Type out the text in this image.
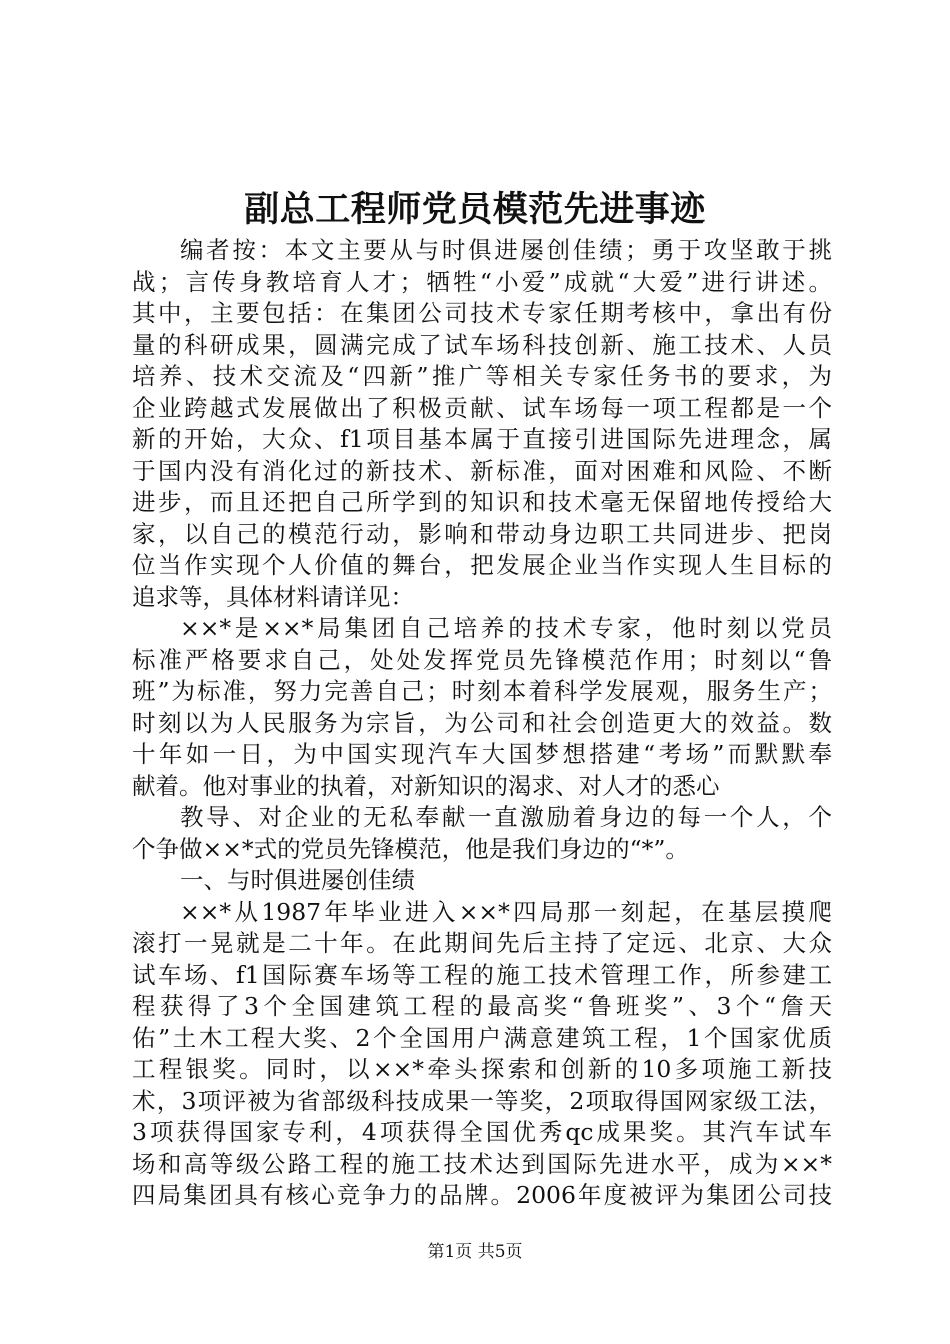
副总工程师党员模范先进事迹
编者按：本文主要从与时俱进屡创佳绩；勇于攻坚敢于挑
战；言传身教培育人才；牺牲“小爱”成就“大爱”进行讲述。
其中，主要包括：在集团公司技术专家任期考核中，拿出有份
量的科研成果，圆满完成了试车场科技创新、施工技术、人员
培养、技术交流及“四新”推广等相关专家任务书的要求，为
企业跨越式发展做出了积极贡献、试车场每一项工程都是一个
新的开始，大众、f1项目基本属于直接引进国际先进理念，属
于国内没有消化过的新技术、新标准，面对困难和风险、不断
进步，而且还把自己所学到的知识和技术毫无保留地传授给大
家，以自己的模范行动，影响和带动身边职工共同进步、把岗
位当作实现个人价值的舞台，把发展企业当作实现人生目标的
追求等，具体材料请详见：
××*是××*局集团自己培养的技术专家，他时刻以党员
标准严格要求自己，处处发挥党员先锋模范作用；时刻以“鲁
班”为标准，努力完善自己；时刻本着科学发展观，服务生产；
时刻以为人民服务为宗旨，为公司和社会创造更大的效益。数
十年如一日，为中国实现汽车大国梦想搭建“考场”而默默奉
献着。他对事业的执着，对新知识的渴求、对人才的悉心
教导、对企业的无私奉献一直激励着身边的每一个人，个
个争做××*式的党员先锋模范，他是我们身边的“*”。
一、与时俱进屡创佳绩
××*从1987年毕业进入××*四局那一刻起，在基层摸爬
滚打一晃就是二十年。在此期间先后主持了定远、北京、大众
试车场、f1国际赛车场等工程的施工技术管理工作，所参建工
程获得了3个全国建筑工程的最高奖“鲁班奖”、3个“詹天
佑”土木工程大奖、2个全国用户满意建筑工程，1个国家优质
工程银奖。同时，以××*牵头探索和创新的10多项施工新技
术，3项评被为省部级科技成果一等奖，2项取得国网家级工法，
3项获得国家专利，4项获得全国优秀qc成果奖。其汽车试车
场和高等级公路工程的施工技术达到国际先进水平，成为××*
四局集团具有核心竞争力的品牌。2006年度被评为集团公司技
第1页 共5页
